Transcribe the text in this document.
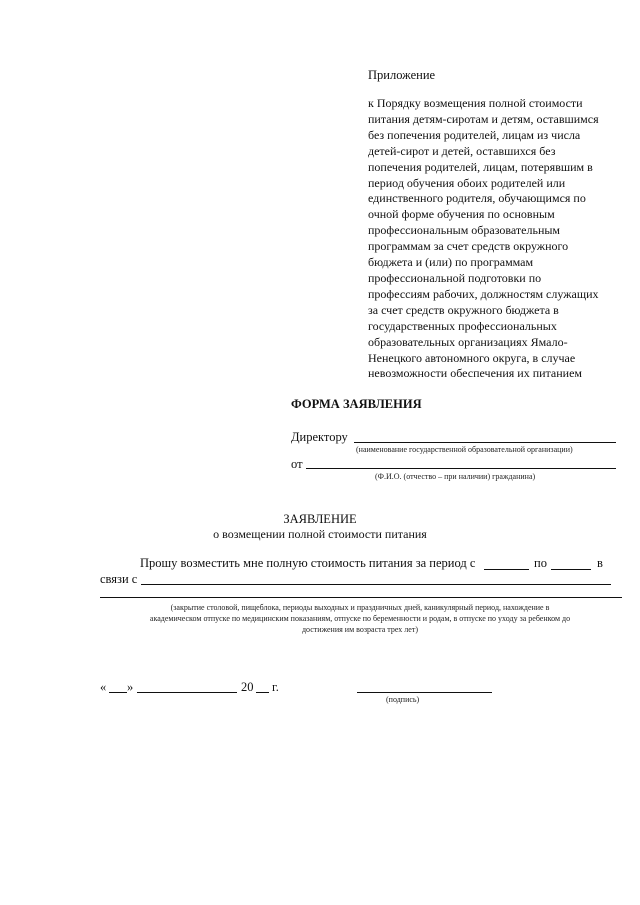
Приложение
к Порядку возмещения полной стоимости
питания детям-сиротам и детям, оставшимся
без попечения родителей, лицам из числа
детей-сирот и детей, оставшихся без
попечения родителей, лицам, потерявшим в
период обучения обоих родителей или
единственного родителя, обучающимся по
очной форме обучения по основным
профессиональным образовательным
программам за счет средств окружного
бюджета и (или) по программам
профессиональной подготовки по
профессиям рабочих, должностям служащих
за счет средств окружного бюджета в
государственных профессиональных
образовательных организациях Ямало-
Ненецкого автономного округа, в случае
невозможности обеспечения их питанием
ФОРМА ЗАЯВЛЕНИЯ
Директору
(наименование государственной образовательной организации)
от
(Ф.И.О. (отчество – при наличии) гражданина)
ЗАЯВЛЕНИЕ
о возмещении полной стоимости питания
Прошу возместить мне полную стоимость питания за период с	по	в
связи с
(закрытие столовой, пищеблока, периоды выходных и праздничных дней, каникулярный период, нахождение в
академическом отпуске по медицинским показаниям, отпуске по беременности и родам, в отпуске по уходу за ребенком до
достижения им возраста трех лет)
« »	20 г.
(подпись)
